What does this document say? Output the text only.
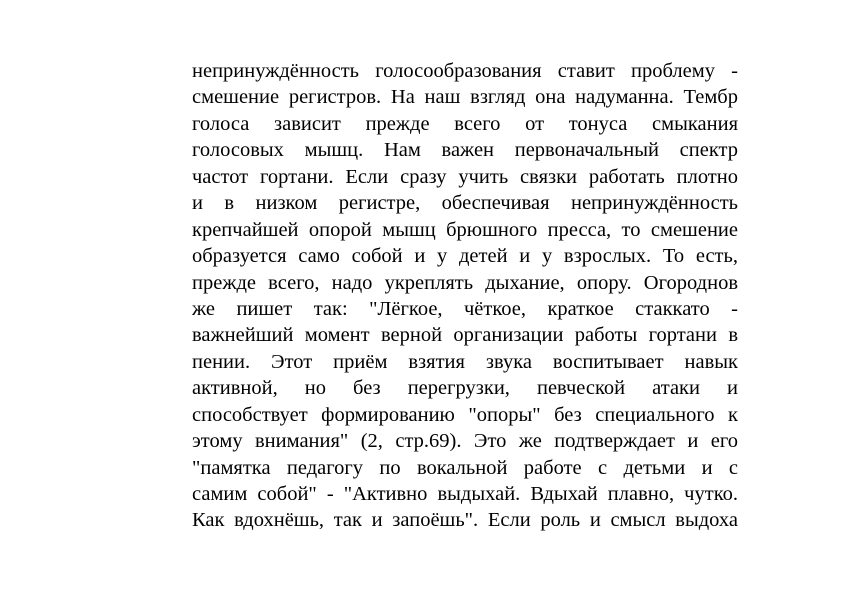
непринуждённость голосообразования ставит проблему -
смешение регистров. На наш взгляд она надуманна. Тембр
голоса зависит прежде всего от тонуса смыкания
голосовых мышц. Нам важен первоначальный спектр
частот гортани. Если сразу учить связки работать плотно
и в низком регистре, обеспечивая непринуждённость
крепчайшей опорой мышц брюшного пресса, то смешение
образуется само собой и у детей и у взрослых. То есть,
прежде всего, надо укреплять дыхание, опору. Огороднов
же пишет так: "Лёгкое, чёткое, краткое стаккато -
важнейший момент верной организации работы гортани в
пении. Этот приём взятия звука воспитывает навык
активной, но без перегрузки, певческой атаки и
способствует формированию "опоры" без специального к
этому внимания" (2, стр.69). Это же подтверждает и его
"памятка педагогу по вокальной работе с детьми и с
самим собой" - "Активно выдыхай. Вдыхай плавно, чутко.
Как вдохнёшь, так и запоёшь". Если роль и смысл выдоха
